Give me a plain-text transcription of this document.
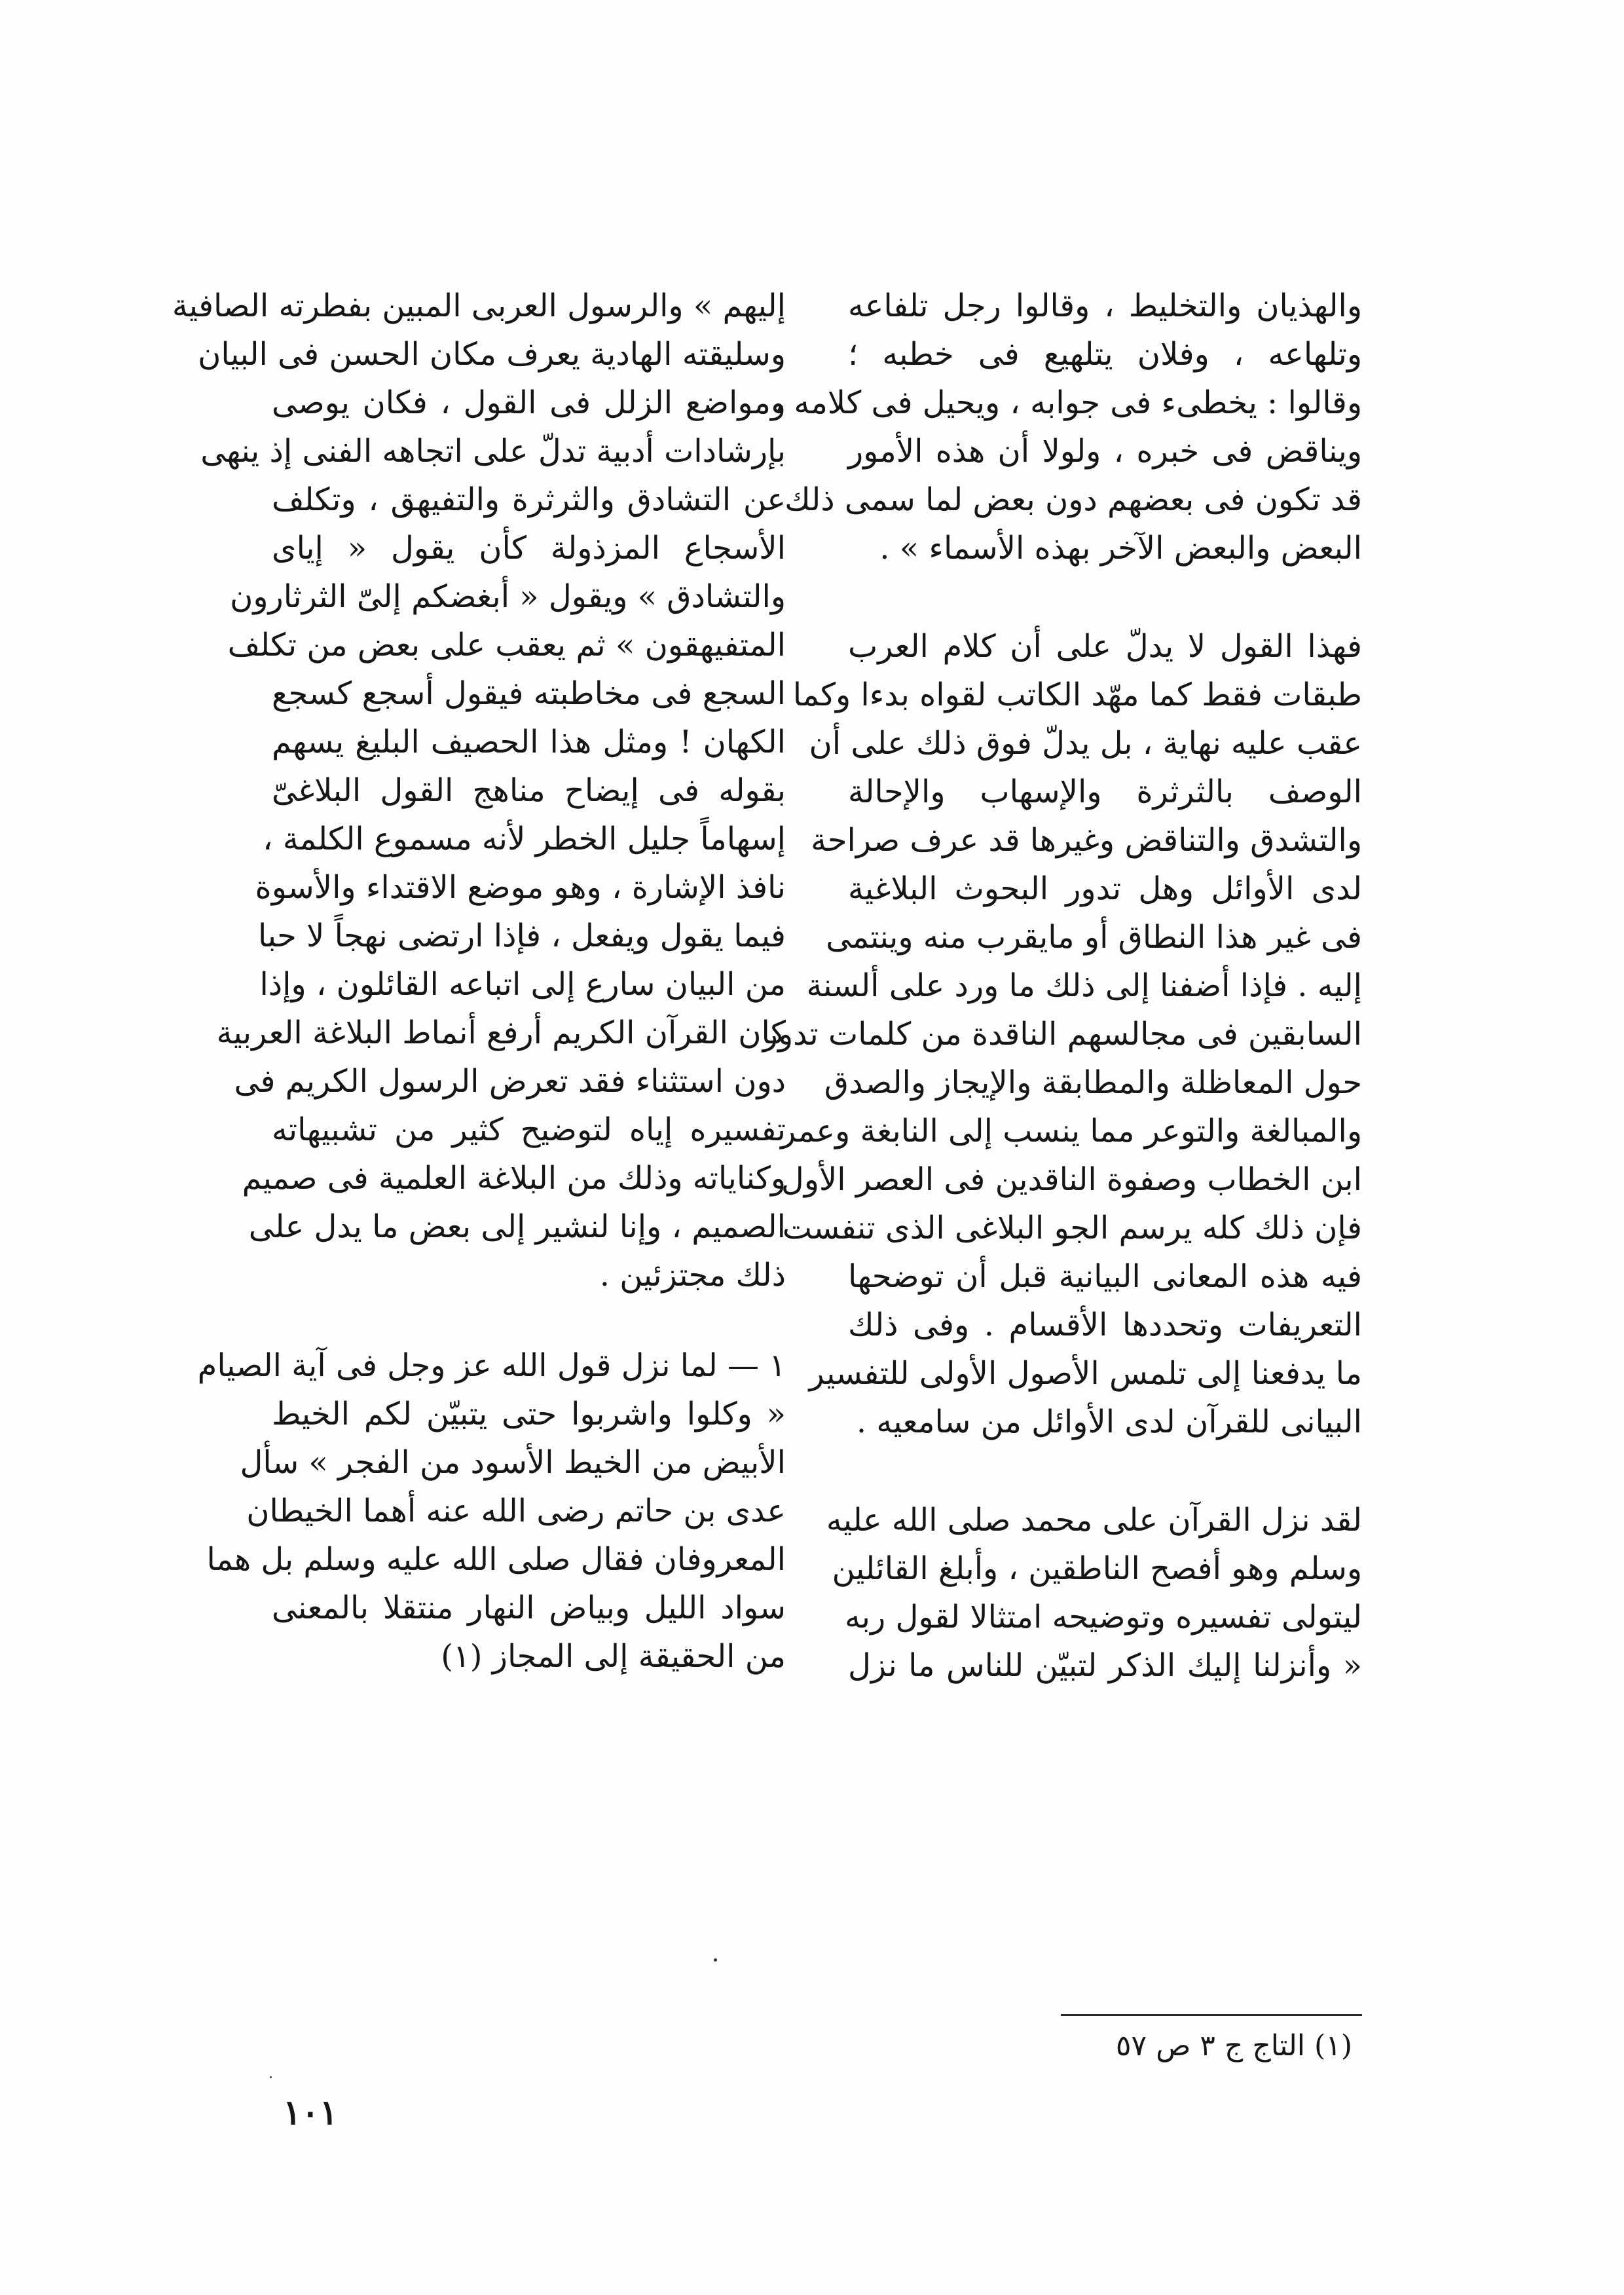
والهذيان والتخليط ، وقالوا رجل تلفاعه
وتلهاعه ، وفلان يتلهيع فى خطبه ؛
وقالوا : يخطىء فى جوابه ، ويحيل فى كلامه ،
ويناقض فى خبره ، ولولا أن هذه الأمور
قد تكون فى بعضهم دون بعض لما سمى ذلك
البعض والبعض الآخر بهذه الأسماء » .

فهذا القول لا يدلّ على أن كلام العرب
طبقات فقط كما مهّد الكاتب لقواه بدءا وكما
عقب عليه نهاية ، بل يدلّ فوق ذلك على أن
الوصف بالثرثرة والإسهاب والإحالة
والتشدق والتناقض وغيرها قد عرف صراحة
لدى الأوائل وهل تدور البحوث البلاغية
فى غير هذا النطاق أو مايقرب منه وينتمى
إليه . فإذا أضفنا إلى ذلك ما ورد على ألسنة
السابقين فى مجالسهم الناقدة من كلمات تدور
حول المعاظلة والمطابقة والإيجاز والصدق
والمبالغة والتوعر مما ينسب إلى النابغة وعمر
ابن الخطاب وصفوة الناقدين فى العصر الأول
فإن ذلك كله يرسم الجو البلاغى الذى تنفست
فيه هذه المعانى البيانية قبل أن توضحها
التعريفات وتحددها الأقسام . وفى ذلك
ما يدفعنا إلى تلمس الأصول الأولى للتفسير
البيانى للقرآن لدى الأوائل من سامعيه .

لقد نزل القرآن على محمد صلى الله عليه
وسلم وهو أفصح الناطقين ، وأبلغ القائلين
ليتولى تفسيره وتوضيحه امتثالا لقول ربه
« وأنزلنا إليك الذكر لتبيّن للناس ما نزل

إليهم » والرسول العربى المبين بفطرته الصافية
وسليقته الهادية يعرف مكان الحسن فى البيان
ومواضع الزلل فى القول ، فكان يوصى
بإرشادات أدبية تدلّ على اتجاهه الفنى إذ ينهى
عن التشادق والثرثرة والتفيهق ، وتكلف
الأسجاع المزذولة كأن يقول « إياى
والتشادق » ويقول « أبغضكم إلىّ الثرثارون
المتفيهقون » ثم يعقب على بعض من تكلف
السجع فى مخاطبته فيقول أسجع كسجع
الكهان ! ومثل هذا الحصيف البليغ يسهم
بقوله فى إيضاح مناهج القول البلاغىّ
إسهاماً جليل الخطر لأنه مسموع الكلمة ،
نافذ الإشارة ، وهو موضع الاقتداء والأسوة
فيما يقول ويفعل ، فإذا ارتضى نهجاً لا حبا
من البيان سارع إلى اتباعه القائلون ، وإذا
كان القرآن الكريم أرفع أنماط البلاغة العربية
دون استثناء فقد تعرض الرسول الكريم فى
تفسيره إياه لتوضيح كثير من تشبيهاته
وكناياته وذلك من البلاغة العلمية فى صميم
الصميم ، وإنا لنشير إلى بعض ما يدل على
ذلك مجتزئين .

١ — لما نزل قول الله عز وجل فى آية الصيام
« وكلوا واشربوا حتى يتبيّن لكم الخيط
الأبيض من الخيط الأسود من الفجر » سأل
عدى بن حاتم رضى الله عنه أهما الخيطان
المعروفان فقال صلى الله عليه وسلم بل هما
سواد الليل وبياض النهار منتقلا بالمعنى
من الحقيقة إلى المجاز (١)

(١) التاج ج ٣ ص ٥٧
١٠١
